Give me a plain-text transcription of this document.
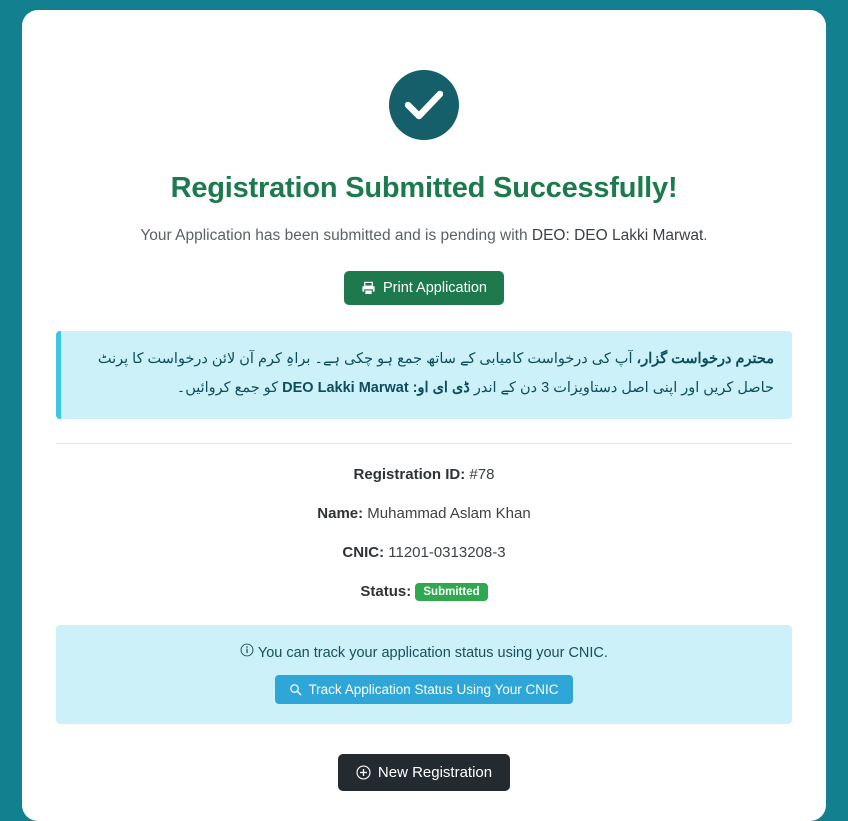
Registration Submitted Successfully!

Your Application has been submitted and is pending with DEO: DEO Lakki Marwat.

Print Application
محترم درخواست گزار، آپ کی درخواست کامیابی کے ساتھ جمع ہو چکی ہے۔ براہِ کرم آن لائن درخواست کا پرنٹ حاصل کریں اور اپنی اصل دستاویزات 3 دن کے اندر ڈی ای او: DEO Lakki Marwat کو جمع کروائیں۔
Registration ID: #78
Name: Muhammad Aslam Khan
CNIC: 11201-0313208-3
Status: Submitted
You can track your application status using your CNIC.
Track Application Status Using Your CNIC
New Registration
